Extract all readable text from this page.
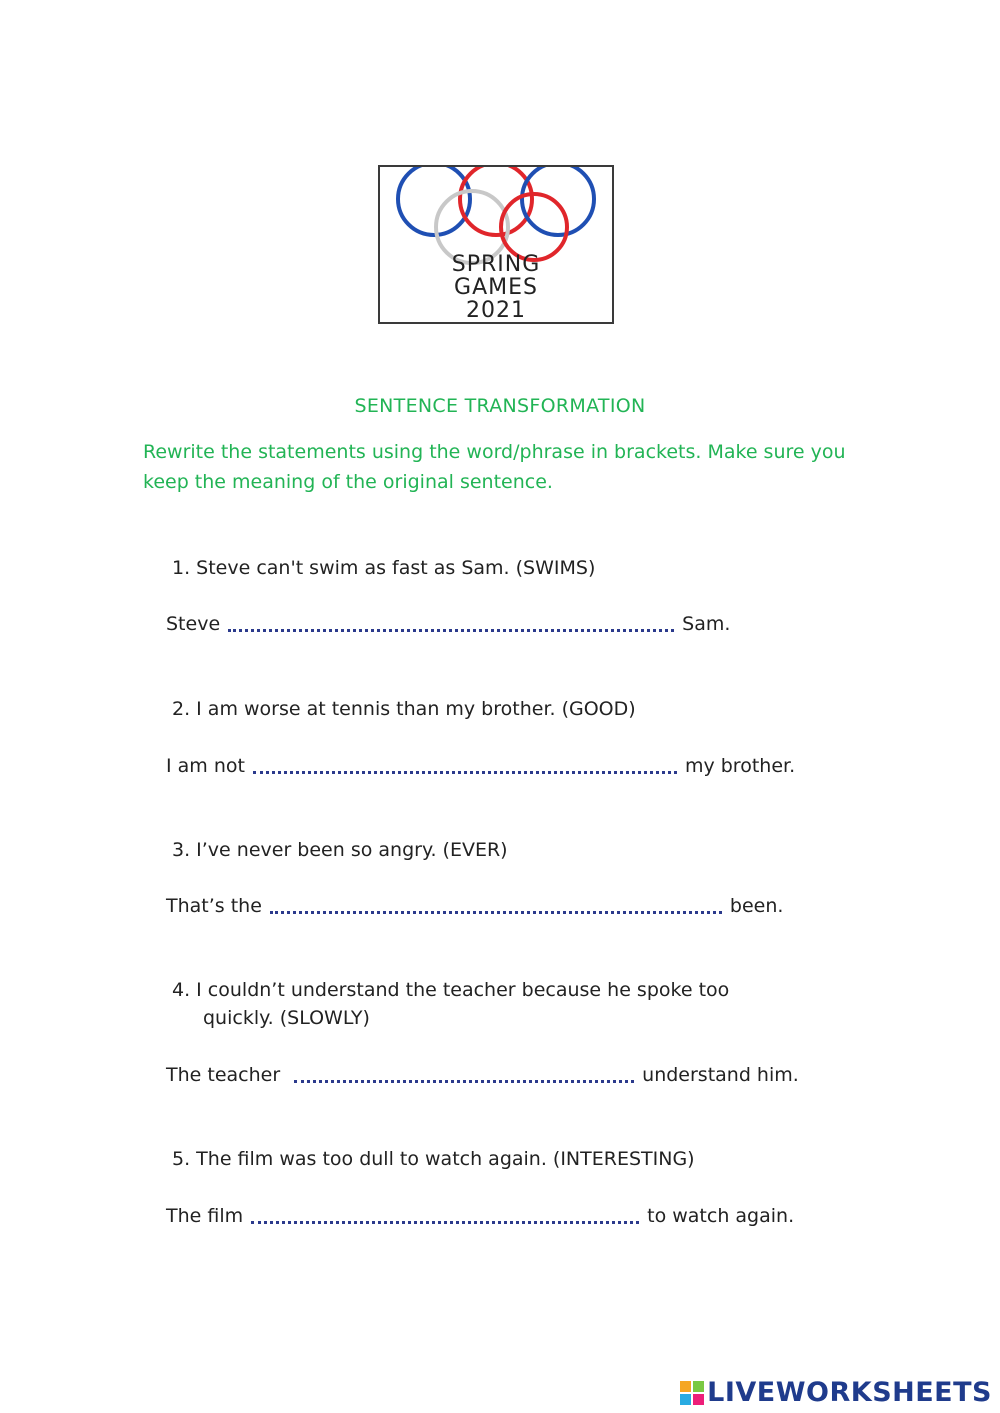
SPRING
GAMES
2021
SENTENCE TRANSFORMATION
Rewrite the statements using the word/phrase in brackets. Make sure you keep the meaning of the original sentence.
1. Steve can't swim as fast as Sam. (SWIMS)
Steve	Sam.
2. I am worse at tennis than my brother. (GOOD)
I am not	my brother.
3. I’ve never been so angry. (EVER)
That’s the	been.
4. I couldn’t understand the teacher because he spoke too
quickly. (SLOWLY)
The teacher	understand him.
5. The film was too dull to watch again. (INTERESTING)
The film	to watch again.
LIVEWORKSHEETS
